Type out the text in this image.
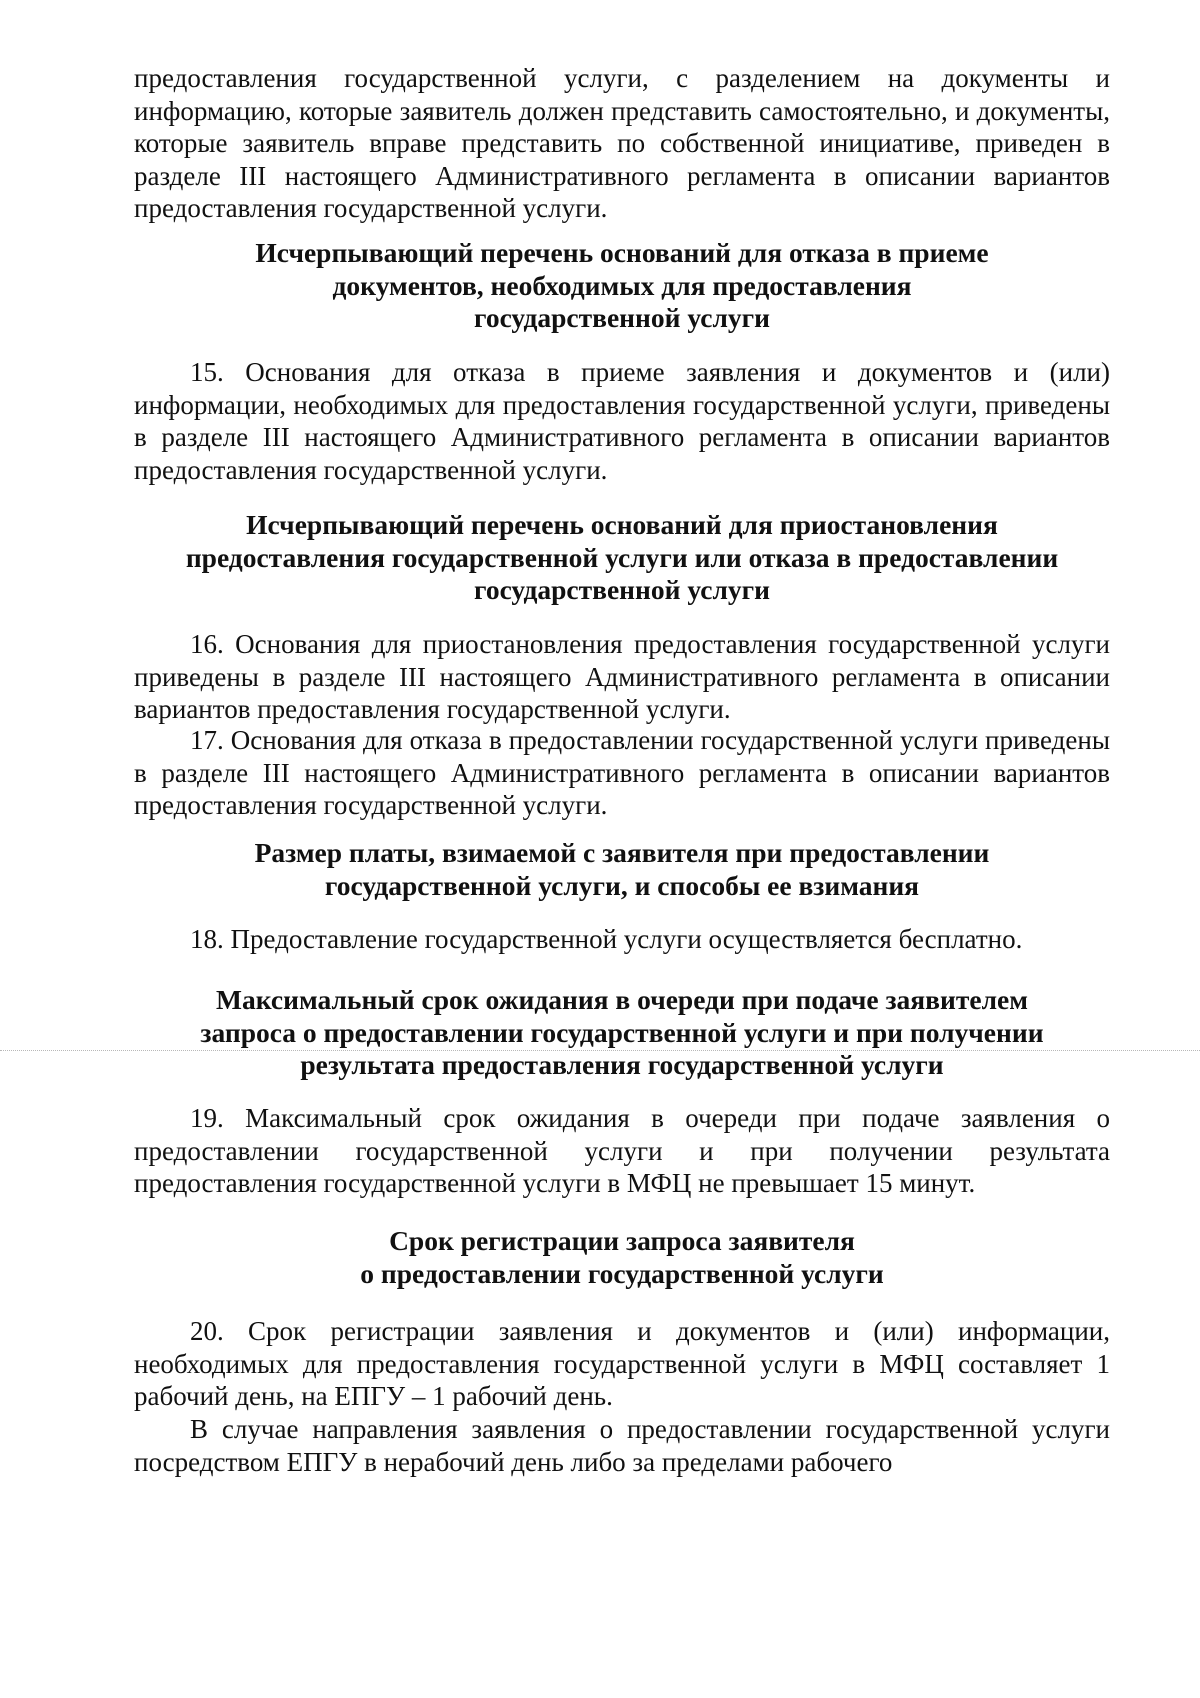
предоставления государственной услуги, с разделением на документы и информацию, которые заявитель должен представить самостоятельно, и документы, которые заявитель вправе представить по собственной инициативе, приведен в разделе III настоящего Административного регламента в описании вариантов предоставления государственной услуги.

Исчерпывающий перечень оснований для отказа в приеме
документов, необходимых для предоставления
государственной услуги

15. Основания для отказа в приеме заявления и документов и (или) информации, необходимых для предоставления государственной услуги, приведены в разделе III настоящего Административного регламента в описании вариантов предоставления государственной услуги.

Исчерпывающий перечень оснований для приостановления
предоставления государственной услуги или отказа в предоставлении
государственной услуги

16. Основания для приостановления предоставления государственной услуги приведены в разделе III настоящего Административного регламента в описании вариантов предоставления государственной услуги.

17. Основания для отказа в предоставлении государственной услуги приведены в разделе III настоящего Административного регламента в описании вариантов предоставления государственной услуги.

Размер платы, взимаемой с заявителя при предоставлении
государственной услуги, и способы ее взимания

18. Предоставление государственной услуги осуществляется бесплатно.

Максимальный срок ожидания в очереди при подаче заявителем
запроса о предоставлении государственной услуги и при получении
результата предоставления государственной услуги

19. Максимальный срок ожидания в очереди при подаче заявления о предоставлении государственной услуги и при получении результата предоставления государственной услуги в МФЦ не превышает 15 минут.

Срок регистрации запроса заявителя
о предоставлении государственной услуги

20. Срок регистрации заявления и документов и (или) информации, необходимых для предоставления государственной услуги в МФЦ составляет 1 рабочий день, на ЕПГУ – 1 рабочий день.

В случае направления заявления о предоставлении государственной услуги посредством ЕПГУ в нерабочий день либо за пределами рабочего
